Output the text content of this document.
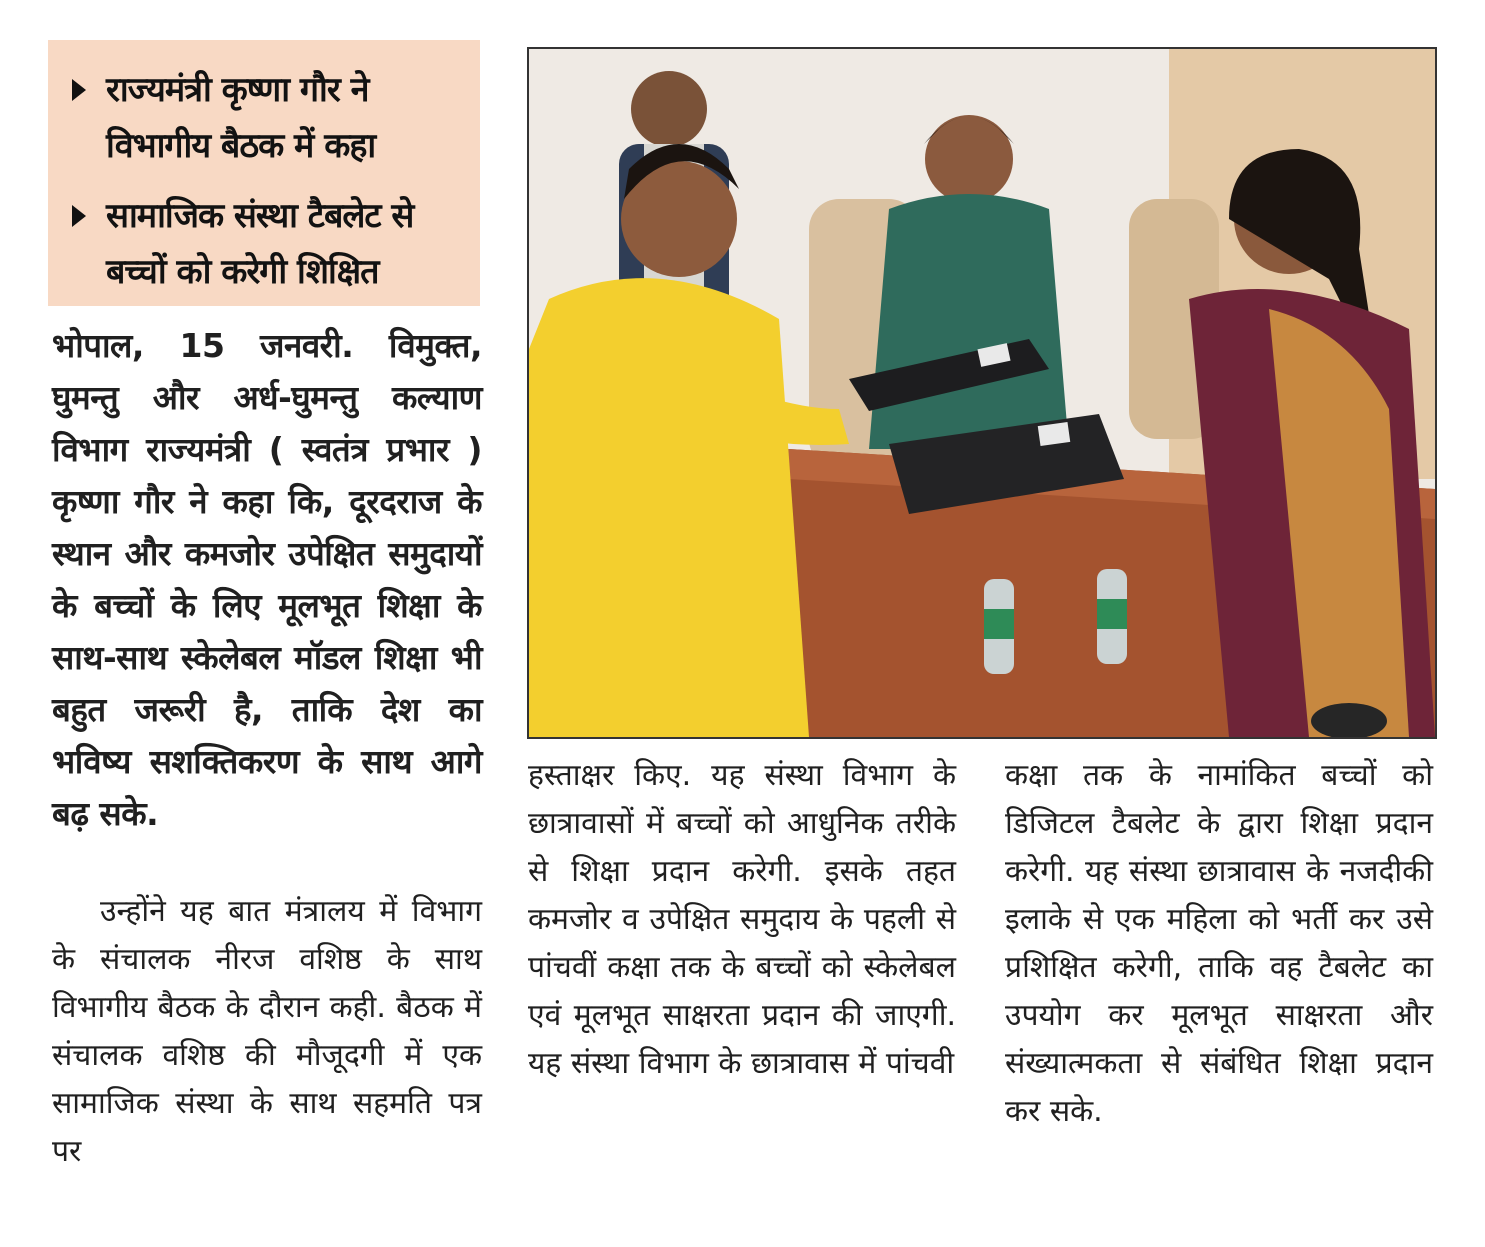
राज्यमंत्री कृष्णा गौर ने विभागीय बैठक में कहा
सामाजिक संस्था टैबलेट से बच्चों को करेगी शिक्षित

भोपाल, 15 जनवरी. विमुक्त, घुमन्तु और अर्ध-घुमन्तु कल्याण विभाग राज्यमंत्री ( स्वतंत्र प्रभार ) कृष्णा गौर ने कहा कि, दूरदराज के स्थान और कमजोर उपेक्षित समुदायों के बच्चों के लिए मूलभूत शिक्षा के साथ-साथ स्केलेबल मॉडल शिक्षा भी बहुत जरूरी है, ताकि देश का भविष्य सशक्तिकरण के साथ आगे बढ़ सके.

उन्होंने यह बात मंत्रालय में विभाग के संचालक नीरज वशिष्ठ के साथ विभागीय बैठक के दौरान कही. बैठक में संचालक वशिष्ठ की मौजूदगी में एक सामाजिक संस्था के साथ सहमति पत्र पर

हस्ताक्षर किए. यह संस्था विभाग के छात्रावासों में बच्चों को आधुनिक तरीके से शिक्षा प्रदान करेगी. इसके तहत कमजोर व उपेक्षित समुदाय के पहली से पांचवीं कक्षा तक के बच्चों को स्केलेबल एवं मूलभूत साक्षरता प्रदान की जाएगी. यह संस्था विभाग के छात्रावास में पांचवी

कक्षा तक के नामांकित बच्चों को डिजिटल टैबलेट के द्वारा शिक्षा प्रदान करेगी. यह संस्था छात्रावास के नजदीकी इलाके से एक महिला को भर्ती कर उसे प्रशिक्षित करेगी, ताकि वह टैबलेट का उपयोग कर मूलभूत साक्षरता और संख्यात्मकता से संबंधित शिक्षा प्रदान कर सके.
